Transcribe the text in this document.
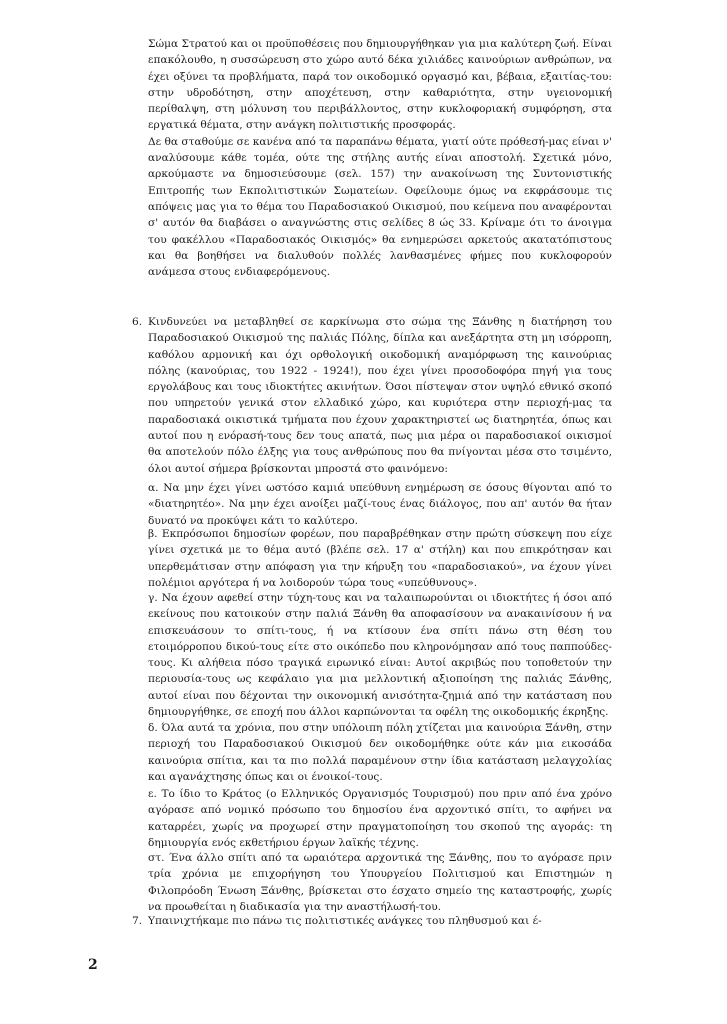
Σώμα Στρατού και οι προϋποθέσεις που δημιουργήθηκαν για μια καλύτερη ζωή. Είναι επακόλουθο, η συσσώρευση στο χώρο αυτό δέκα χιλιάδες καινούριων ανθρώπων, να έχει οξύνει τα προβλήματα, παρά τον οικοδομικό οργασμό και, βέβαια, εξαιτίας-του: στην υδροδότηση, στην αποχέτευση, στην καθαριότητα, στην υγειονομική περίθαλψη, στη μόλυνση του περιβάλλοντος, στην κυκλοφοριακή συμφόρηση, στα εργατικά θέματα, στην ανάγκη πολιτιστικής προσφοράς.

Δε θα σταθούμε σε κανένα από τα παραπάνω θέματα, γιατί ούτε πρόθεσή-μας είναι ν' αναλύσουμε κάθε τομέα, ούτε της στήλης αυτής είναι αποστολή. Σχετικά μόνο, αρκούμαστε να δημοσιεύσουμε (σελ. 157) την ανακοίνωση της Συντονιστικής Επιτροπής των Εκπολιτιστικών Σωματείων. Οφείλουμε όμως να εκφράσουμε τις απόψεις μας για το θέμα του Παραδοσιακού Οικισμού, που κείμενα που αναφέρονται σ' αυτόν θα διαβάσει ο αναγνώστης στις σελίδες 8 ώς 33. Κρίναμε ότι το άνοιγμα του φακέλλου «Παραδοσιακός Οικισμός» θα ενημερώσει αρκετούς ακατατόπιστους και θα βοηθήσει να διαλυθούν πολλές λανθασμένες φήμες που κυκλοφορούν ανάμεσα στους ενδιαφερόμενους.

6. Κινδυνεύει να μεταβληθεί σε καρκίνωμα στο σώμα της Ξάνθης η διατήρηση του Παραδοσιακού Οικισμού της παλιάς Πόλης, δίπλα και ανεξάρτητα στη μη ισόρροπη, καθόλου αρμονική και όχι ορθολογική οικοδομική αναμόρφωση της καινούριας πόλης (κανούριας, του 1922 - 1924!), που έχει γίνει προσοδοφόρα πηγή για τους εργολάβους και τους ιδιοκτήτες ακινήτων. Όσοι πίστεψαν στον υψηλό εθνικό σκοπό που υπηρετούν γενικά στον ελλαδικό χώρο, και κυριότερα στην περιοχή-μας τα παραδοσιακά οικιστικά τμήματα που έχουν χαρακτηριστεί ως διατηρητέα, όπως και αυτοί που η ενόρασή-τους δεν τους απατά, πως μια μέρα οι παραδοσιακοί οικισμοί θα αποτελούν πόλο έλξης για τους ανθρώπους που θα πνίγονται μέσα στο τσιμέντο, όλοι αυτοί σήμερα βρίσκονται μπροστά στο φαινόμενο:
α. Να μην έχει γίνει ωστόσο καμιά υπεύθυνη ενημέρωση σε όσους θίγονται από το «διατηρητέο». Να μην έχει ανοίξει μαζί-τους ένας διάλογος, που απ' αυτόν θα ήταν δυνατό να προκύψει κάτι το καλύτερο.
β. Εκπρόσωποι δημοσίων φορέων, που παραβρέθηκαν στην πρώτη σύσκεψη που είχε γίνει σχετικά με το θέμα αυτό (βλέπε σελ. 17 α' στήλη) και που επικρότησαν και υπερθεμάτισαν στην απόφαση για την κήρυξη του «παραδοσιακού», να έχουν γίνει πολέμιοι αργότερα ή να λοιδορούν τώρα τους «υπεύθυνους».
γ. Να έχουν αφεθεί στην τύχη-τους και να ταλαιπωρούνται οι ιδιοκτήτες ή όσοι από εκείνους που κατοικούν στην παλιά Ξάνθη θα αποφασίσουν να ανακαινίσουν ή να επισκευάσουν το σπίτι-τους, ή να κτίσουν ένα σπίτι πάνω στη θέση του ετοιμόρροπου δικού-τους είτε στο οικόπεδο που κληρονόμησαν από τους παππούδες-τους. Κι αλήθεια πόσο τραγικά ειρωνικό είναι: Αυτοί ακριβώς που τοποθετούν την περιουσία-τους ως κεφάλαιο για μια μελλοντική αξιοποίηση της παλιάς Ξάνθης, αυτοί είναι που δέχονται την οικονομική ανισότητα-ζημιά από την κατάσταση που δημιουργήθηκε, σε εποχή που άλλοι καρπώνονται τα οφέλη της οικοδομικής έκρηξης.
δ. Όλα αυτά τα χρόνια, που στην υπόλοιπη πόλη χτίζεται μια καινούρια Ξάνθη, στην περιοχή του Παραδοσιακού Οικισμού δεν οικοδομήθηκε ούτε κάν μια εικοσάδα καινούρια σπίτια, και τα πιο πολλά παραμένουν στην ίδια κατάσταση μελαγχολίας και αγανάχτησης όπως και οι ένοικοί-τους.
ε. Το ίδιο το Κράτος (ο Ελληνικός Οργανισμός Τουρισμού) που πριν από ένα χρόνο αγόρασε από νομικό πρόσωπο του δημοσίου ένα αρχοντικό σπίτι, το αφήνει να καταρρέει, χωρίς να προχωρεί στην πραγματοποίηση του σκοπού της αγοράς: τη δημιουργία ενός εκθετήριου έργων λαϊκής τέχνης.
στ. Ένα άλλο σπίτι από τα ωραιότερα αρχοντικά της Ξάνθης, που το αγόρασε πριν τρία χρόνια με επιχορήγηση του Υπουργείου Πολιτισμού και Επιστημών η Φιλοπρόοδη Ένωση Ξάνθης, βρίσκεται στο έσχατο σημείο της καταστροφής, χωρίς να προωθείται η διαδικασία για την αναστήλωσή-του.
7. Υπαινιχτήκαμε πιο πάνω τις πολιτιστικές ανάγκες του πληθυσμού και έ-
2
